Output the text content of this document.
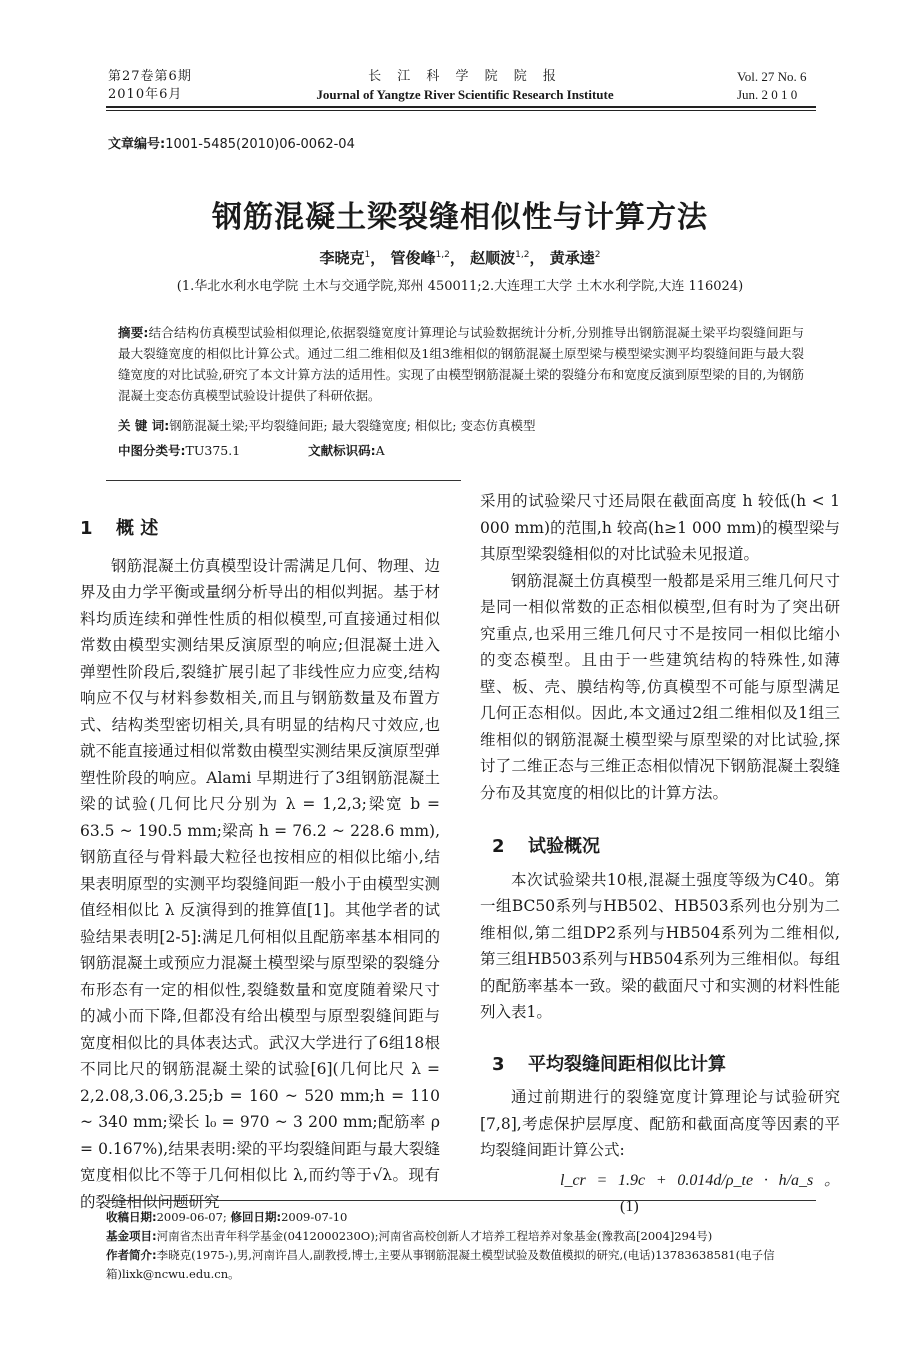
第27卷第6期
2010年6月
长 江 科 学 院 院 报
Journal of Yangtze River Scientific Research Institute
Vol. 27 No. 6
Jun. 2 0 1 0
文章编号:1001-5485(2010)06-0062-04
钢筋混凝土梁裂缝相似性与计算方法
李晓克$^1$， 管俊峰$^{1,2}$， 赵顺波$^{1,2}$， 黄承逵$^2$
(1.华北水利水电学院 土木与交通学院,郑州 450011;2.大连理工大学 土木水利学院,大连 116024)
摘要:结合结构仿真模型试验相似理论,依据裂缝宽度计算理论与试验数据统计分析,分别推导出钢筋混凝土梁平均裂缝间距与最大裂缝宽度的相似比计算公式。通过二组二维相似及1组3维相似的钢筋混凝土原型梁与模型梁实测平均裂缝间距与最大裂缝宽度的对比试验,研究了本文计算方法的适用性。实现了由模型钢筋混凝土梁的裂缝分布和宽度反演到原型梁的目的,为钢筋混凝土变态仿真模型试验设计提供了科研依据。
关 键 词:钢筋混凝土梁;平均裂缝间距; 最大裂缝宽度; 相似比; 变态仿真模型
中图分类号:TU375.1	文献标识码:A
1 概 述

钢筋混凝土仿真模型设计需满足几何、物理、边界及由力学平衡或量纲分析导出的相似判据。基于材料均质连续和弹性性质的相似模型,可直接通过相似常数由模型实测结果反演原型的响应;但混凝土进入弹塑性阶段后,裂缝扩展引起了非线性应力应变,结构响应不仅与材料参数相关,而且与钢筋数量及布置方式、结构类型密切相关,具有明显的结构尺寸效应,也就不能直接通过相似常数由模型实测结果反演原型弹塑性阶段的响应。Alami 早期进行了3组钢筋混凝土梁的试验(几何比尺分别为 λ = 1,2,3;梁宽 b = 63.5 ~ 190.5 mm;梁高 h = 76.2 ~ 228.6 mm),钢筋直径与骨料最大粒径也按相应的相似比缩小,结果表明原型的实测平均裂缝间距一般小于由模型实测值经相似比 λ 反演得到的推算值[1]。其他学者的试验结果表明[2-5]:满足几何相似且配筋率基本相同的钢筋混凝土或预应力混凝土模型梁与原型梁的裂缝分布形态有一定的相似性,裂缝数量和宽度随着梁尺寸的减小而下降,但都没有给出模型与原型裂缝间距与宽度相似比的具体表达式。武汉大学进行了6组18根不同比尺的钢筋混凝土梁的试验[6](几何比尺 λ = 2,2.08,3.06,3.25;b = 160 ~ 520 mm;h = 110 ~ 340 mm;梁长 l₀ = 970 ~ 3 200 mm;配筋率 ρ = 0.167%),结果表明:梁的平均裂缝间距与最大裂缝宽度相似比不等于几何相似比 λ,而约等于√λ。现有的裂缝相似问题研究

采用的试验梁尺寸还局限在截面高度 h 较低(h < 1 000 mm)的范围,h 较高(h≥1 000 mm)的模型梁与其原型梁裂缝相似的对比试验未见报道。

钢筋混凝土仿真模型一般都是采用三维几何尺寸是同一相似常数的正态相似模型,但有时为了突出研究重点,也采用三维几何尺寸不是按同一相似比缩小的变态模型。且由于一些建筑结构的特殊性,如薄壁、板、壳、膜结构等,仿真模型不可能与原型满足几何正态相似。因此,本文通过2组二维相似及1组三维相似的钢筋混凝土模型梁与原型梁的对比试验,探讨了二维正态与三维正态相似情况下钢筋混凝土裂缝分布及其宽度的相似比的计算方法。

2 试验概况

本次试验梁共10根,混凝土强度等级为C40。第一组BC50系列与HB502、HB503系列也分别为二维相似,第二组DP2系列与HB504系列为二维相似,第三组HB503系列与HB504系列为三维相似。每组的配筋率基本一致。梁的截面尺寸和实测的材料性能列入表1。

3 平均裂缝间距相似比计算

通过前期进行的裂缝宽度计算理论与试验研究[7,8],考虑保护层厚度、配筋和截面高度等因素的平均裂缝间距计算公式:

l_cr = 1.9c + 0.014d/ρ_te · h/a_s 。(1)
收稿日期:2009-06-07; 修回日期:2009-07-10
基金项目:河南省杰出青年科学基金(0412000230O);河南省高校创新人才培养工程培养对象基金(豫教高[2004]294号)
作者简介:李晓克(1975-),男,河南许昌人,副教授,博士,主要从事钢筋混凝土模型试验及数值模拟的研究,(电话)13783638581(电子信箱)lixk@ncwu.edu.cn。
